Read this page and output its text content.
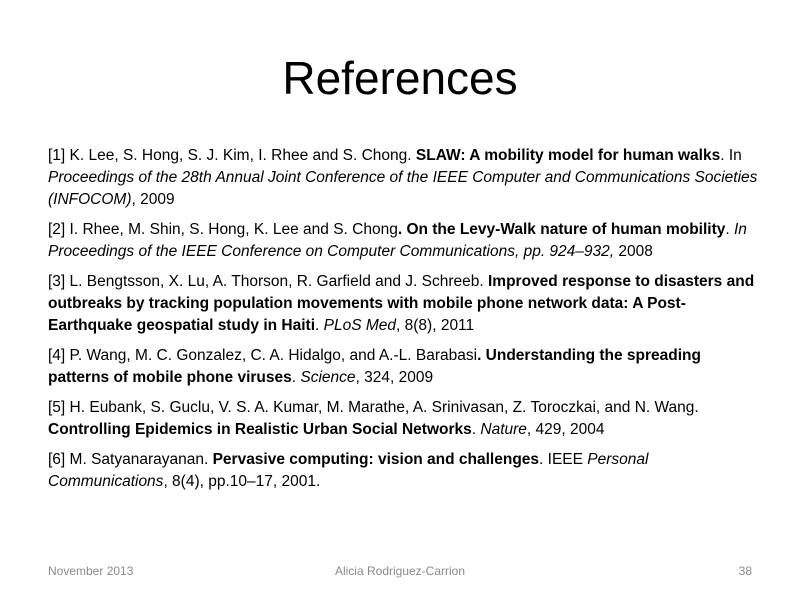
References

[1] K. Lee, S. Hong, S. J. Kim, I. Rhee and S. Chong. SLAW: A mobility model for human walks. In Proceedings of the 28th Annual Joint Conference of the IEEE Computer and Communications Societies (INFOCOM), 2009

[2] I. Rhee, M. Shin, S. Hong, K. Lee and S. Chong. On the Levy-Walk nature of human mobility. In Proceedings of the IEEE Conference on Computer Communications, pp. 924–932, 2008

[3] L. Bengtsson, X. Lu, A. Thorson, R. Garfield and J. Schreeb. Improved response to disasters and outbreaks by tracking population movements with mobile phone network data: A Post-Earthquake geospatial study in Haiti. PLoS Med, 8(8), 2011

[4] P. Wang, M. C. Gonzalez, C. A. Hidalgo, and A.-L. Barabasi. Understanding the spreading patterns of mobile phone viruses. Science, 324, 2009

[5] H. Eubank, S. Guclu, V. S. A. Kumar, M. Marathe, A. Srinivasan, Z. Toroczkai, and N. Wang. Controlling Epidemics in Realistic Urban Social Networks. Nature, 429, 2004

[6] M. Satyanarayanan. Pervasive computing: vision and challenges. IEEE Personal Communications, 8(4), pp.10–17, 2001.

November 2013	Alicia Rodriguez-Carrion	38
